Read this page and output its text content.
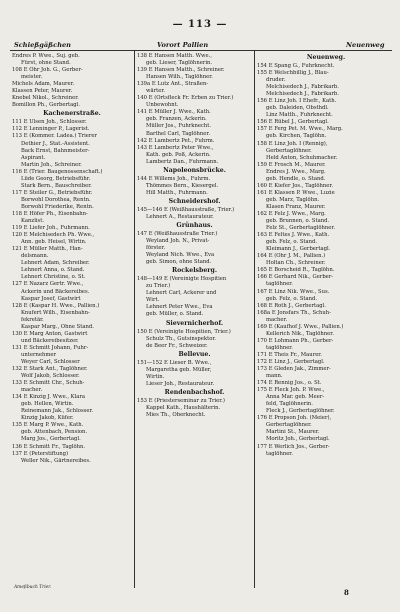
— 113 —
Schießgäßchen	Vorort Pallien	Neuenweg
Endres P. Wwe., Suj. geb.
Fürst, ohne Stand.
108 E Ohr Joh. G., Gerber-
meister.
Michels Adam, Maurer.
Klassen Peter, Maurer.
Knebel Nikol., Schreiner.
Bomillon Ph., Gerbertagl.
Kachenerstraße.
111 E Ulsen Joh., Schlosser.
112 E Lenninger P., Lagerist.
113 E (Kommer. Ladea.) Trierer
Dethier J., Stat.-Assistent.
Back Ernst, Bahnmeister-
Aspirant.
Martin Joh., Schreiner.
116 E (Trier. Baugenossenschaft.)
Lüde Georg, Betriebsführ.
Stark Bern., Bauschreiber.
117 E Steiler G., Betriebsführ.
Borwohl Dorothea, Rentn.
Borwohl Friederike, Rentn.
118 E Höfer Ph., Eisenbahn-
Kanzlist.
119 E Liefer Joh., Fuhrmann.
120 E Melchisedech Ph. Wwe.,
Ann. geb. Heisel, Wirtin.
121 E Müller Matth., Han-
delsmann.
Lehnert Adam, Schreiber.
Lehnert Anna, o. Stand.
Lehnert Christine, o. St.
127 E Nazarz Gertr. Wwe.,
Ackerin und Bäckereibes.
Kaspar Josef, Gastwirt
128 E (Kaspar H. Wwe., Pallien.)
Knufert Wilh., Eisenbahn-
fekretär.
Kaspar Marg., Ohne Stand.
130 E Marg Anton, Gastwirt
und Bäckereibesitzer.
131 E Schmitt Johann, Fuhr-
unternehmer
Weyer Carl, Schlosser
132 E Stark Ant., Taglöhner.
Wolf Jakob, Schlosser.
133 E Schmitt Chr., Schuh-
macher.
134 E Kinzig J. Wwe., Klara
geb. Hellen, Wirtin.
Reinemann Jak., Schlosser.
Kinzig Jakob, Küfer.
135 E Marg P. Wwe., Kath.
geb. Attenbach, Pension.
Marg Jos., Gerbertagl.
136 E Schmitt Fr., Taglöhn.
137 E (Peterstiftung)
Weller Nik., Gärtnereibes.
138 E Hansen Matth. Wwe.,
geb. Lieser, Taglöhnerin.
139 E Hansen Matth., Schreiner.
Hansen Wilh., Taglöhner.
139a E Lutz Ant., Straßen-
wärter.
140 E (Ortsfleck Fr. Erben zu Trier.)
Unbewohnt.
141 E Müller J. Wwe., Kath.
geb. Franzen, Ackerin.
Müller Jos., Fuhrknecht.
Barthel Carl, Taglöhner.
142 E Lambertz Pet., Fuhrm.
143 E Lambertz Peter Wwe.,
Kath. geb. Poß, Ackerin.
Lambertz Dan., Fuhrmann.
Napoleonsbrücke.
144 E Willems Joh., Fuhrm.
Thömmes Bern., Kiesergel.
Hill Matth., Fuhrmann.
Schneidershof.
145—146 E (Weißhausstraße, Trier.)
Lehnert A., Restaurateur.
Grünhaus.
147 E (Weißhausstraße Trier.)
Weyland Joh. N., Privat-
förster.
Weyland Nich. Wwe., Eva
geb. Simon, ohne Stand.
Rockelsberg.
148—149 E (Vereinigte Hospitien
zu Trier.)
Lehnert Carl, Ackerer und
Wirt.
Lehnert Peter Wwe., Eva
geb. Müller, o. Stand.
Sievernicherhof.
150 E (Vereinigte Hospitien, Trier.)
Schulz Th., Gutsinspektor.
de Beer Fr., Schweizer.
Bellevue.
151—152 E Lieser B. Wwe.,
Margaretha geb. Müller,
Wirtin.
Lieser Joh., Restaurateur.
Rendenbachshof.
153 E (Priesterseminar zu Trier.)
Kappel Kath., Haushälterin.
Mies Th., Oberknecht.
Neuenweg.
154 E Spang G., Fuhrknecht.
155 E Welschbillig J., Blau-
druder.
Melchisedech J., Fabrikarb.
Melchisedech J., Fabrikarb.
156 E Linz Joh. I Ehefr., Kath.
geb. Daleiden, Obsthdl.
Linz Matth., Fuhrknecht.
156 E Rübel J., Gerbertagl.
157 E Ferg Pet. M. Wwe., Marg.
geb. Kirchen, Taglöhn.
158 E Linz Joh. I (Rennig),
Gerbertaglöhner.
Held Anton, Schuhmacher.
159 E Frosch M., Maurer.
Endres J. Wwe., Marg.
geb. Hendle, o. Stand.
160 E Kiefer Jos., Taglöhner.
161 E Klassen P. Wwe., Luzie
geb. Marz, Taglöhn.
Klasen Franz, Maurer.
162 E Felz J. Wwe., Marg.
geb. Brunnen, o. Stand.
Felz St., Gerbertaglöhner.
163 E Feltes J. Wwe., Kath.
geb. Felz, o. Stand.
Kleimann J., Gerbertagl.
164 E (Ohr J. M., Pallien.)
Holtan Ch., Schreiner.
165 E Borscheid R., Taglöhn.
166 E Gerhard Nik., Gerber-
taglöhner.
167 E Linz Nik. Wwe., Sus.
geb. Felz, o. Stand.
168 E Roth J., Gerbertagl.
168a E Jonsfars Th., Schuh-
macher.
169 E (Kaufhof J. Wwe., Pallien.)
Kellerich Nik., Taglöhner.
170 E Lohmann Ph., Gerber-
taglöhner.
171 E Theis Fr., Maurer.
172 E Linz J., Gerbertagl.
173 E Gleden Jak., Zimmer-
mann.
174 E Rennig Jos., o. St.
175 E Fleck Joh. P. Wwe.,
Anna Mar. geb. Meer-
feld, Taglöhnerin.
Fleck J., Gerbertaglöhner.
176 E Propson Joh. (Meier),
Gerbertaglöhner.
Martini St., Maurer.
Moritz Joh., Gerbertagl.
177 E Werlich Jos., Gerber-
taglöhner.
Ameßbuch Trier.
8
